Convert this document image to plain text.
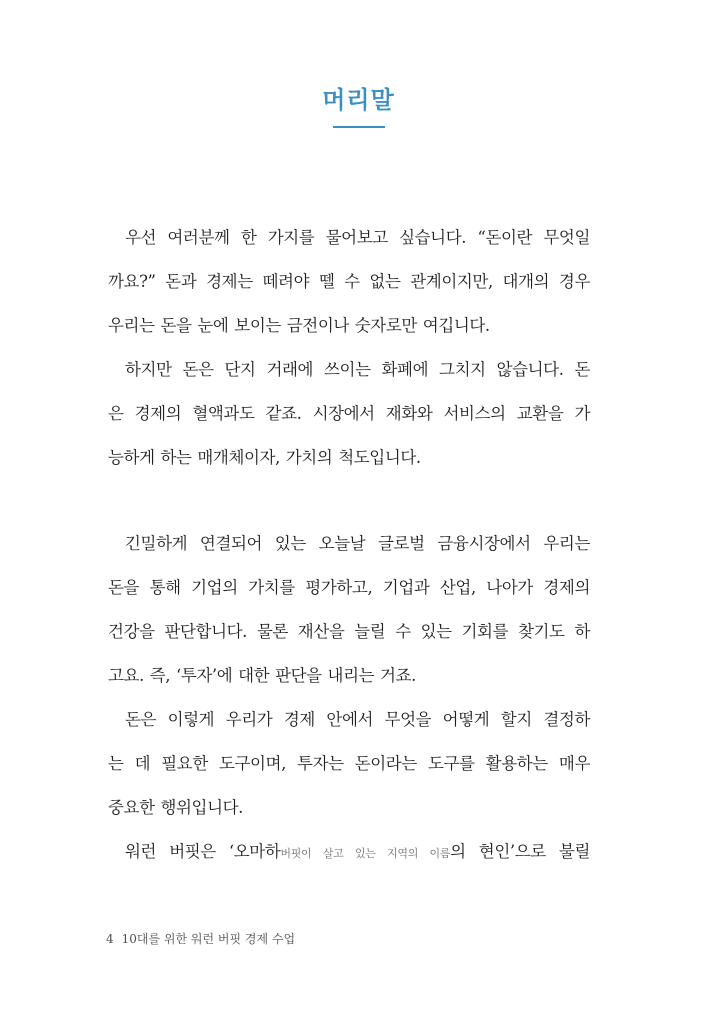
머리말
우선 여러분께 한 가지를 물어보고 싶습니다. “돈이란 무엇일
까요?” 돈과 경제는 떼려야 뗄 수 없는 관계이지만, 대개의 경우
우리는 돈을 눈에 보이는 금전이나 숫자로만 여깁니다.
하지만 돈은 단지 거래에 쓰이는 화폐에 그치지 않습니다. 돈
은 경제의 혈액과도 같죠. 시장에서 재화와 서비스의 교환을 가
능하게 하는 매개체이자, 가치의 척도입니다.
긴밀하게 연결되어 있는 오늘날 글로벌 금융시장에서 우리는
돈을 통해 기업의 가치를 평가하고, 기업과 산업, 나아가 경제의
건강을 판단합니다. 물론 재산을 늘릴 수 있는 기회를 찾기도 하
고요. 즉, ‘투자’에 대한 판단을 내리는 거죠.
돈은 이렇게 우리가 경제 안에서 무엇을 어떻게 할지 결정하
는 데 필요한 도구이며, 투자는 돈이라는 도구를 활용하는 매우
중요한 행위입니다.
워런 버핏은 ‘오마하버핏이 살고 있는 지역의 이름의 현인’으로 불릴
4 10대를 위한 워런 버핏 경제 수업
